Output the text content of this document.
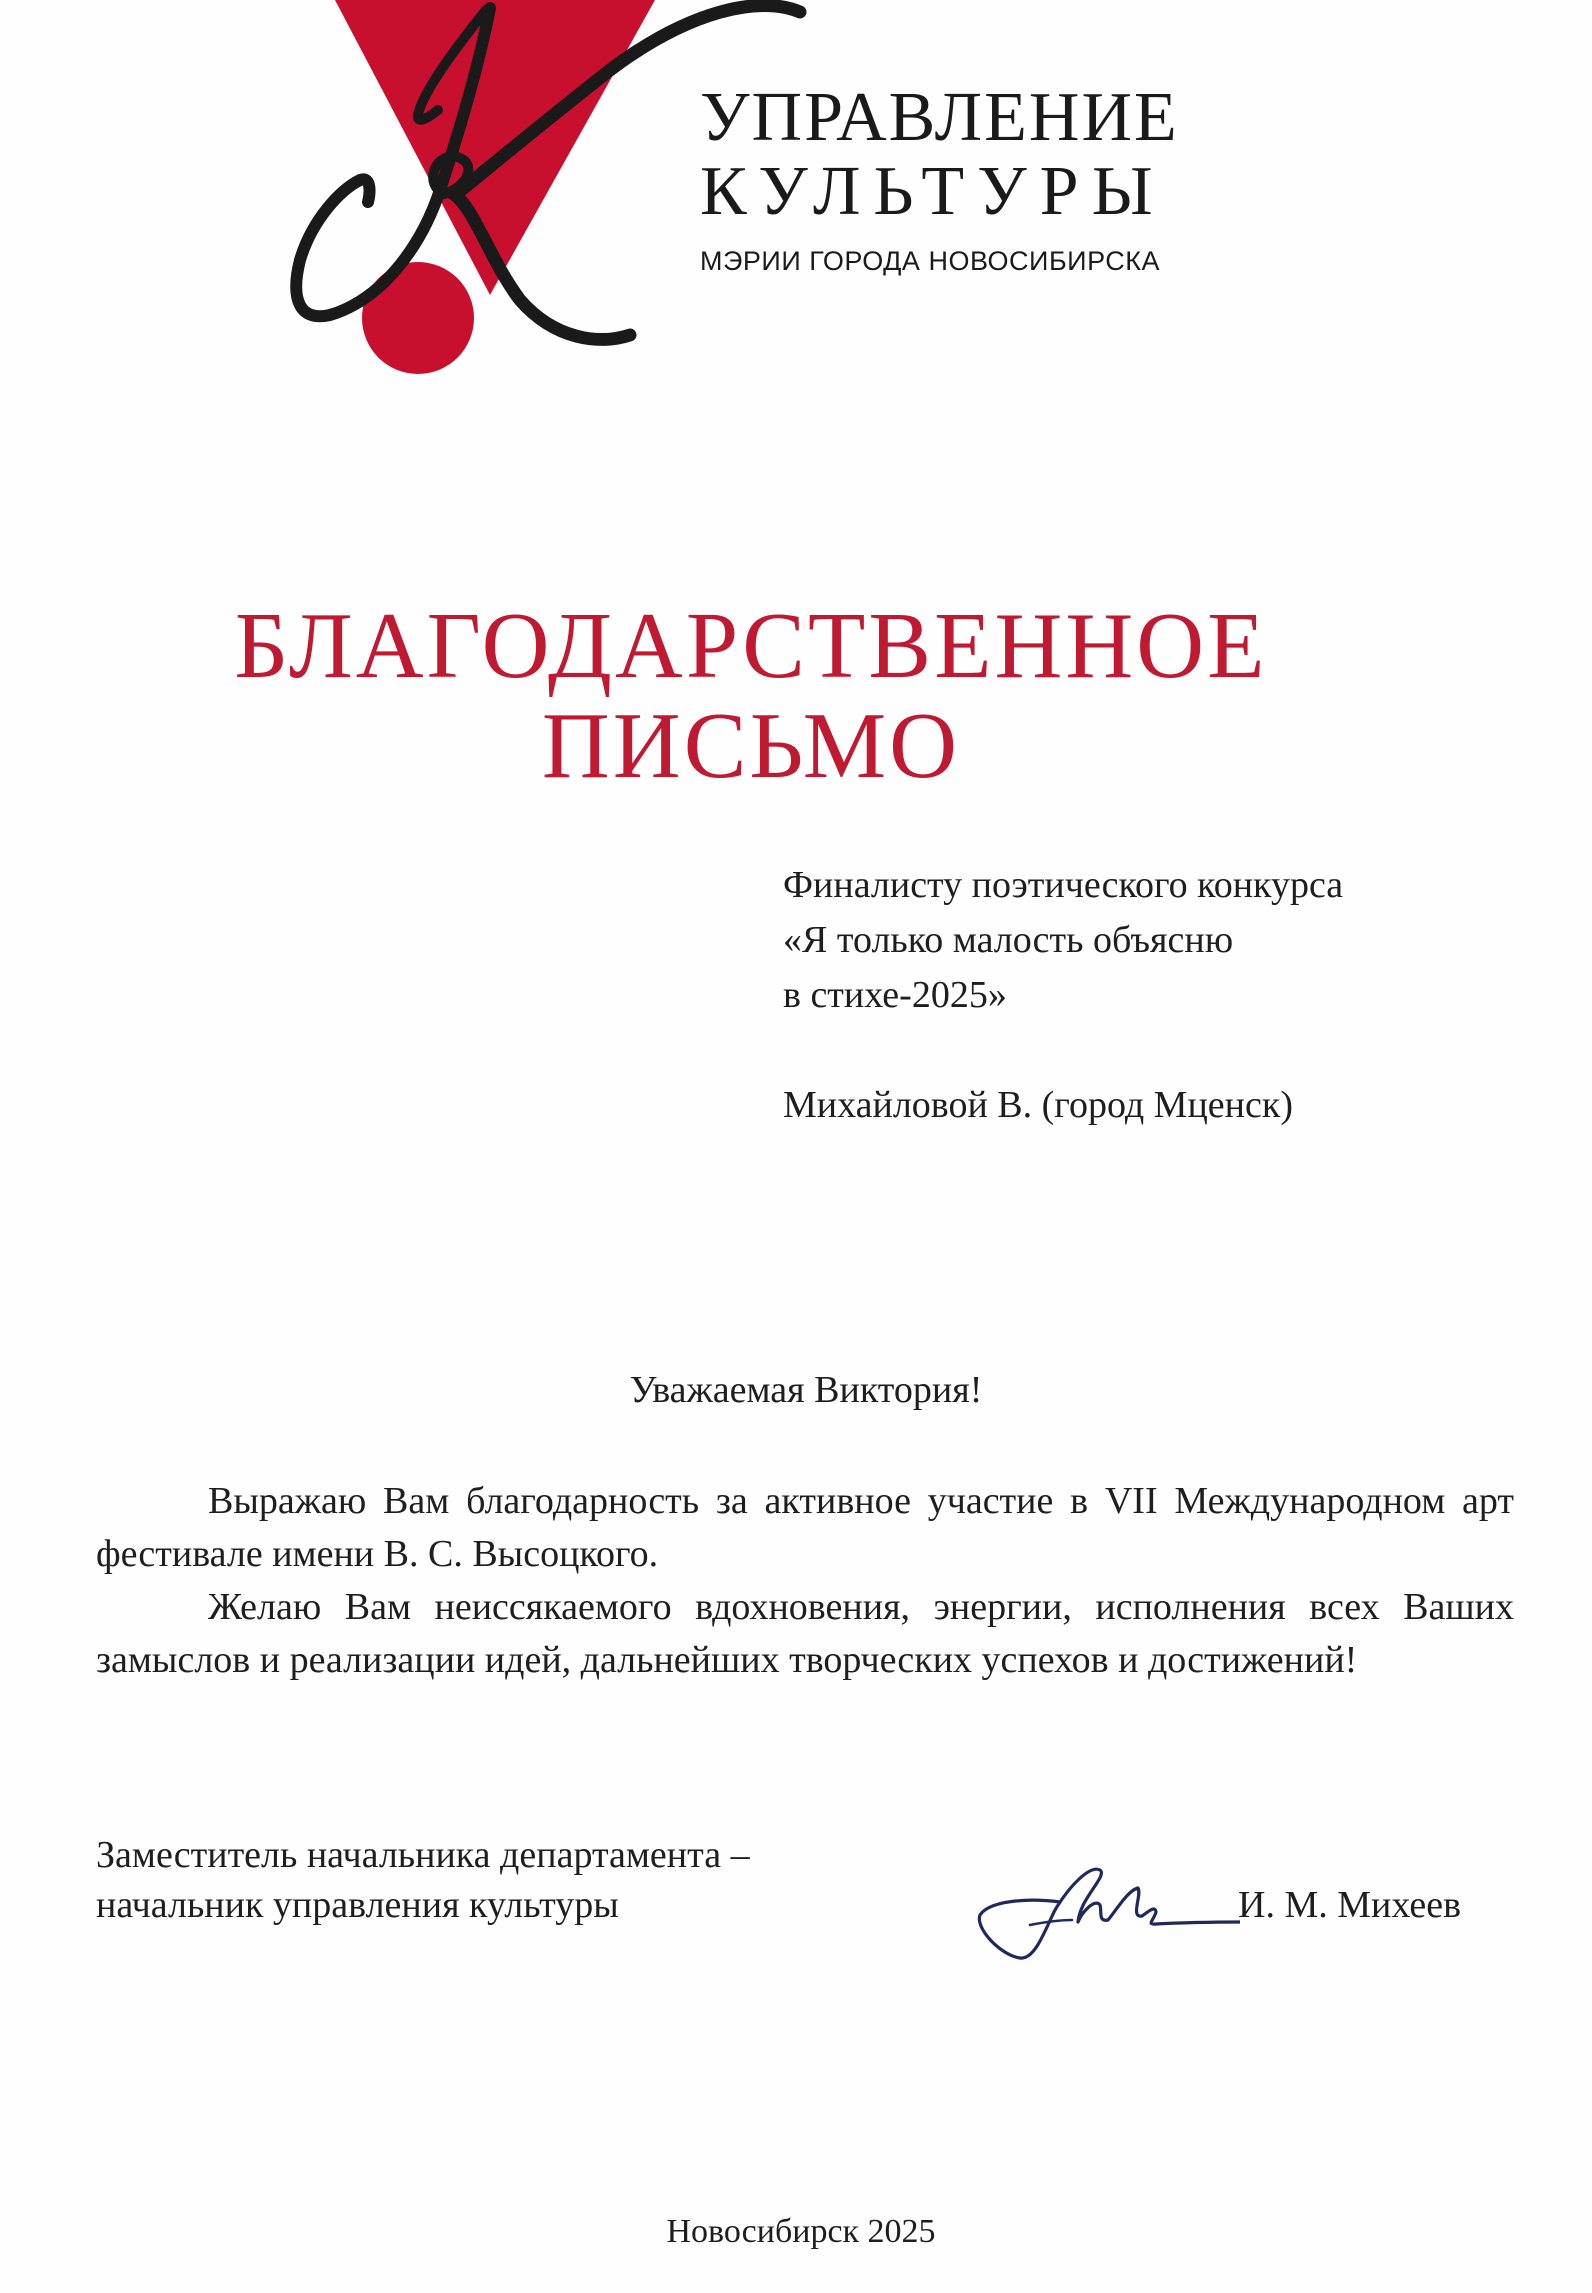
УПРАВЛЕНИЕ
КУЛЬТУРЫ
МЭРИИ ГОРОДА НОВОСИБИРСКА
БЛАГОДАРСТВЕННОЕ
ПИСЬМО
Финалисту поэтического конкурса
«Я только малость объясню
в стихе-2025»
Михайловой В. (город Мценск)
Уважаемая Виктория!

Выражаю Вам благодарность за активное участие в VII Международном арт фестивале имени В. С. Высоцкого.

Желаю Вам неиссякаемого вдохновения, энергии, исполнения всех Ваших замыслов и реализации идей, дальнейших творческих успехов и достижений!

Заместитель начальника департамента –
начальник управления культуры	И. М. Михеев
Новосибирск 2025
